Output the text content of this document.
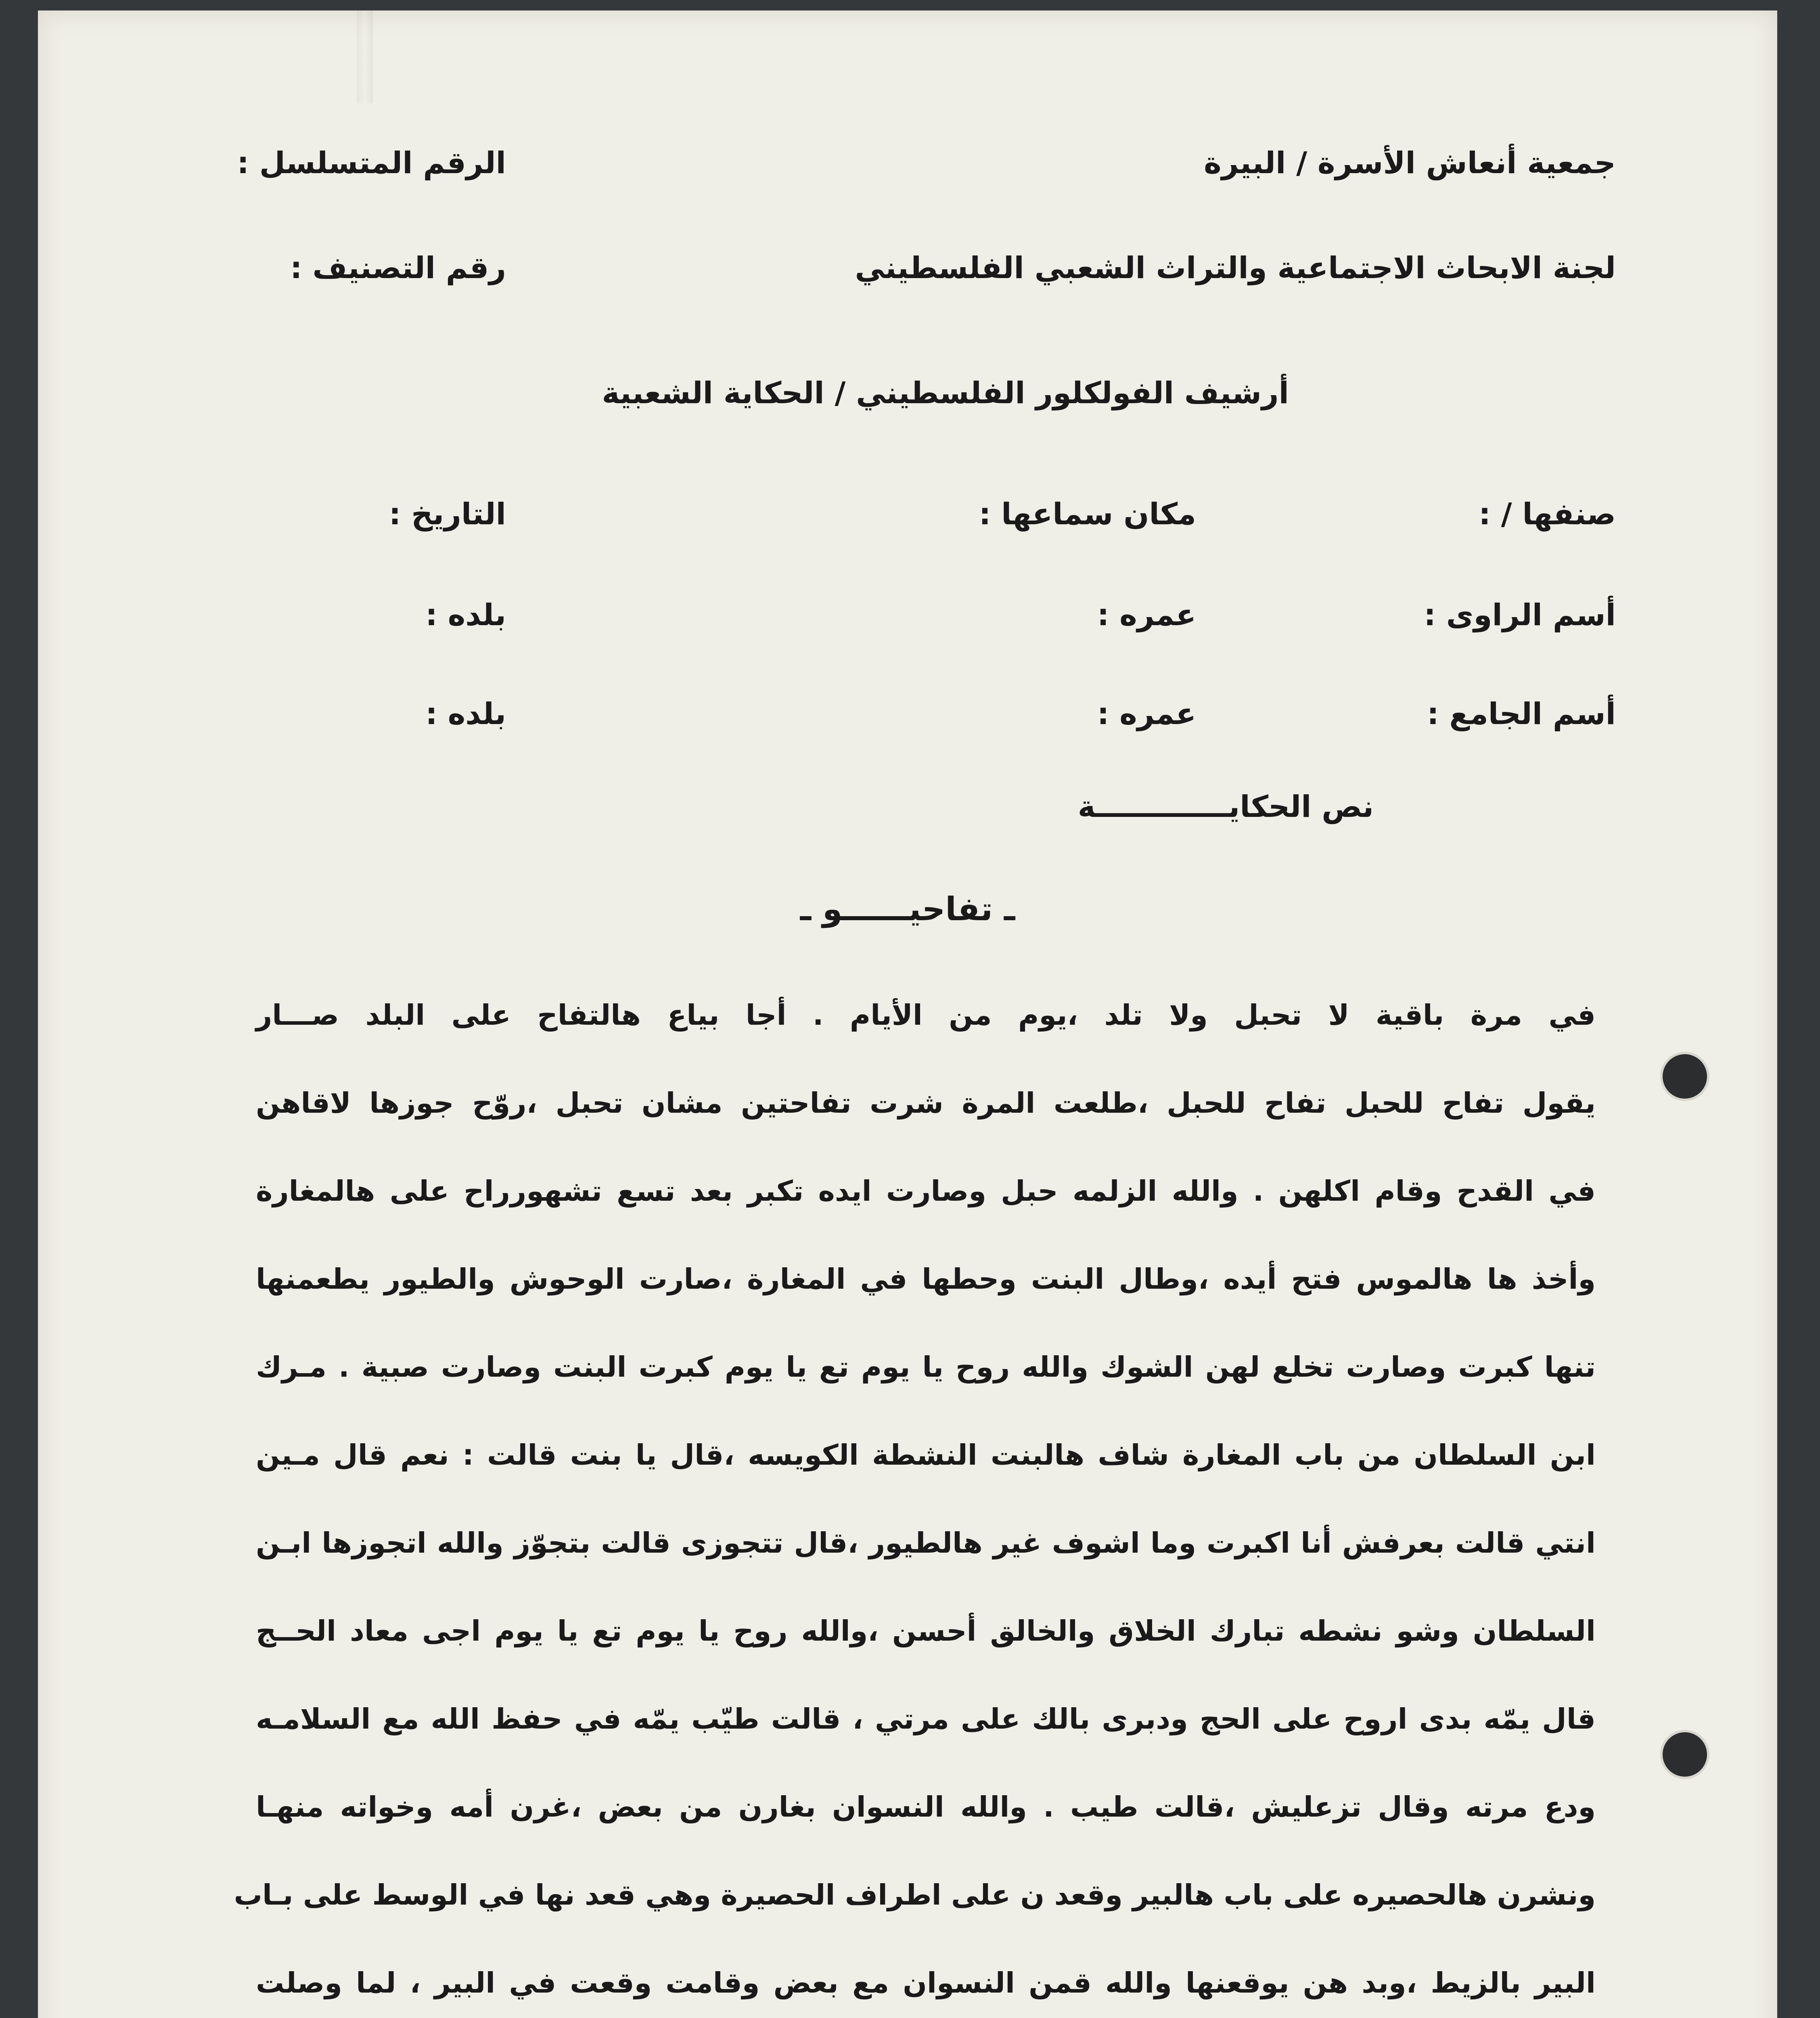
جمعية أنعاش الأسرة / البيرة
الرقم المتسلسل :
لجنة الابحاث الاجتماعية والتراث الشعبي الفلسطيني
رقم التصنيف :
أرشيف الفولكلور الفلسطيني / الحكاية الشعبية
صنفها / :
مكان سماعها :
التاريخ :
أسم الراوى :
عمره :
بلده :
أسم الجامع :
عمره :
بلده :
نص الحكايـــــــــــــة
ـ تفاحيــــــو ـ
في مرة باقية لا تحبل ولا تلد ،يوم من الأيام . أجا بياع هالتفاح على البلد صـــار
يقول تفاح للحبل تفاح للحبل ،طلعت المرة شرت تفاحتين مشان تحبل ،روّح جوزها لاقاهن
في القدح وقام اكلهن . والله الزلمه حبل وصارت ايده تكبر بعد تسع تشهورراح على هالمغارة
وأخذ ها هالموس فتح أيده ،وطال البنت وحطها في المغارة ،صارت الوحوش والطيور يطعمنها
تنها كبرت وصارت تخلع لهن الشوك والله روح يا يوم تع يا يوم كبرت البنت وصارت صبية . مـرك
ابن السلطان من باب المغارة شاف هالبنت النشطة الكويسه ،قال يا بنت قالت : نعم قال مـين
انتي قالت بعرفش أنا اكبرت وما اشوف غير هالطيور ،قال تتجوزى قالت بتجوّز والله اتجوزها ابـن
السلطان وشو نشطه تبارك الخلاق والخالق أحسن ،والله روح يا يوم تع يا يوم اجى معاد الحــج
قال يمّه بدى اروح على الحج ودبرى بالك على مرتي ، قالت طيّب يمّه في حفظ الله مع السلامـه
ودع مرته وقال تزعليش ،قالت طيب . والله النسوان بغارن من بعض ،غرن أمه وخواته منهـا
ونشرن هالحصيره على باب هالبير وقعد ن على اطراف الحصيرة وهي قعد نها في الوسط على بـاب
البير بالزيط ،وبد هن يوقعنها والله قمن النسوان مع بعض وقامت وقعت في البير ، لما وصلت
